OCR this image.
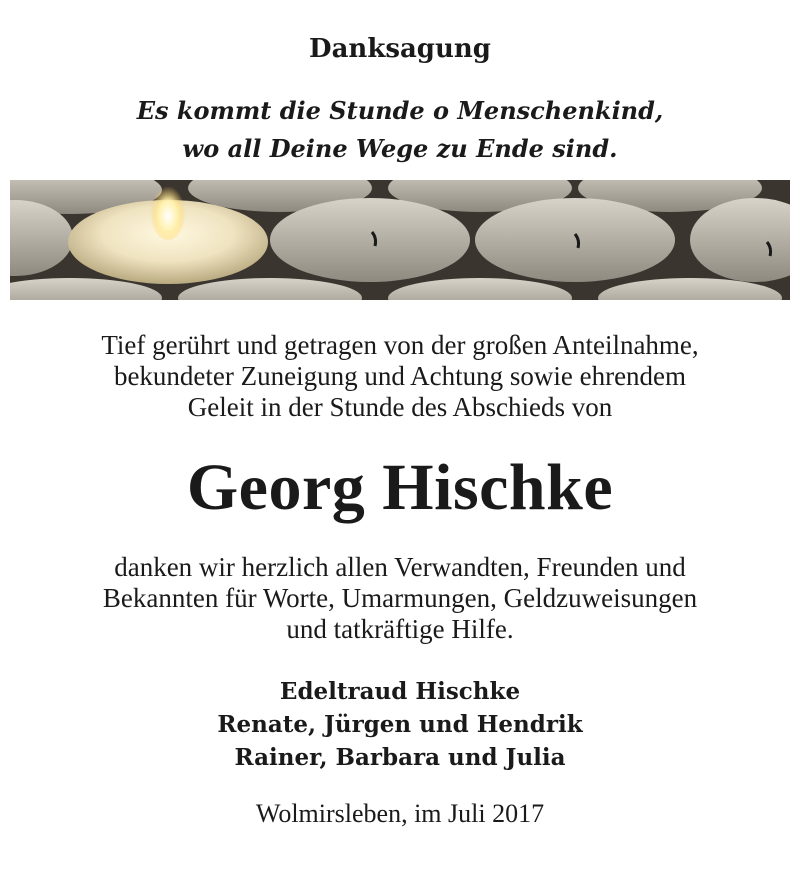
Danksagung
Es kommt die Stunde o Menschenkind,
wo all Deine Wege zu Ende sind.
Tief gerührt und getragen von der großen Anteilnahme,
bekundeter Zuneigung und Achtung sowie ehrendem
Geleit in der Stunde des Abschieds von
Georg Hischke
danken wir herzlich allen Verwandten, Freunden und
Bekannten für Worte, Umarmungen, Geldzuweisungen
und tatkräftige Hilfe.
Edeltraud Hischke
Renate, Jürgen und Hendrik
Rainer, Barbara und Julia
Wolmirsleben, im Juli 2017
